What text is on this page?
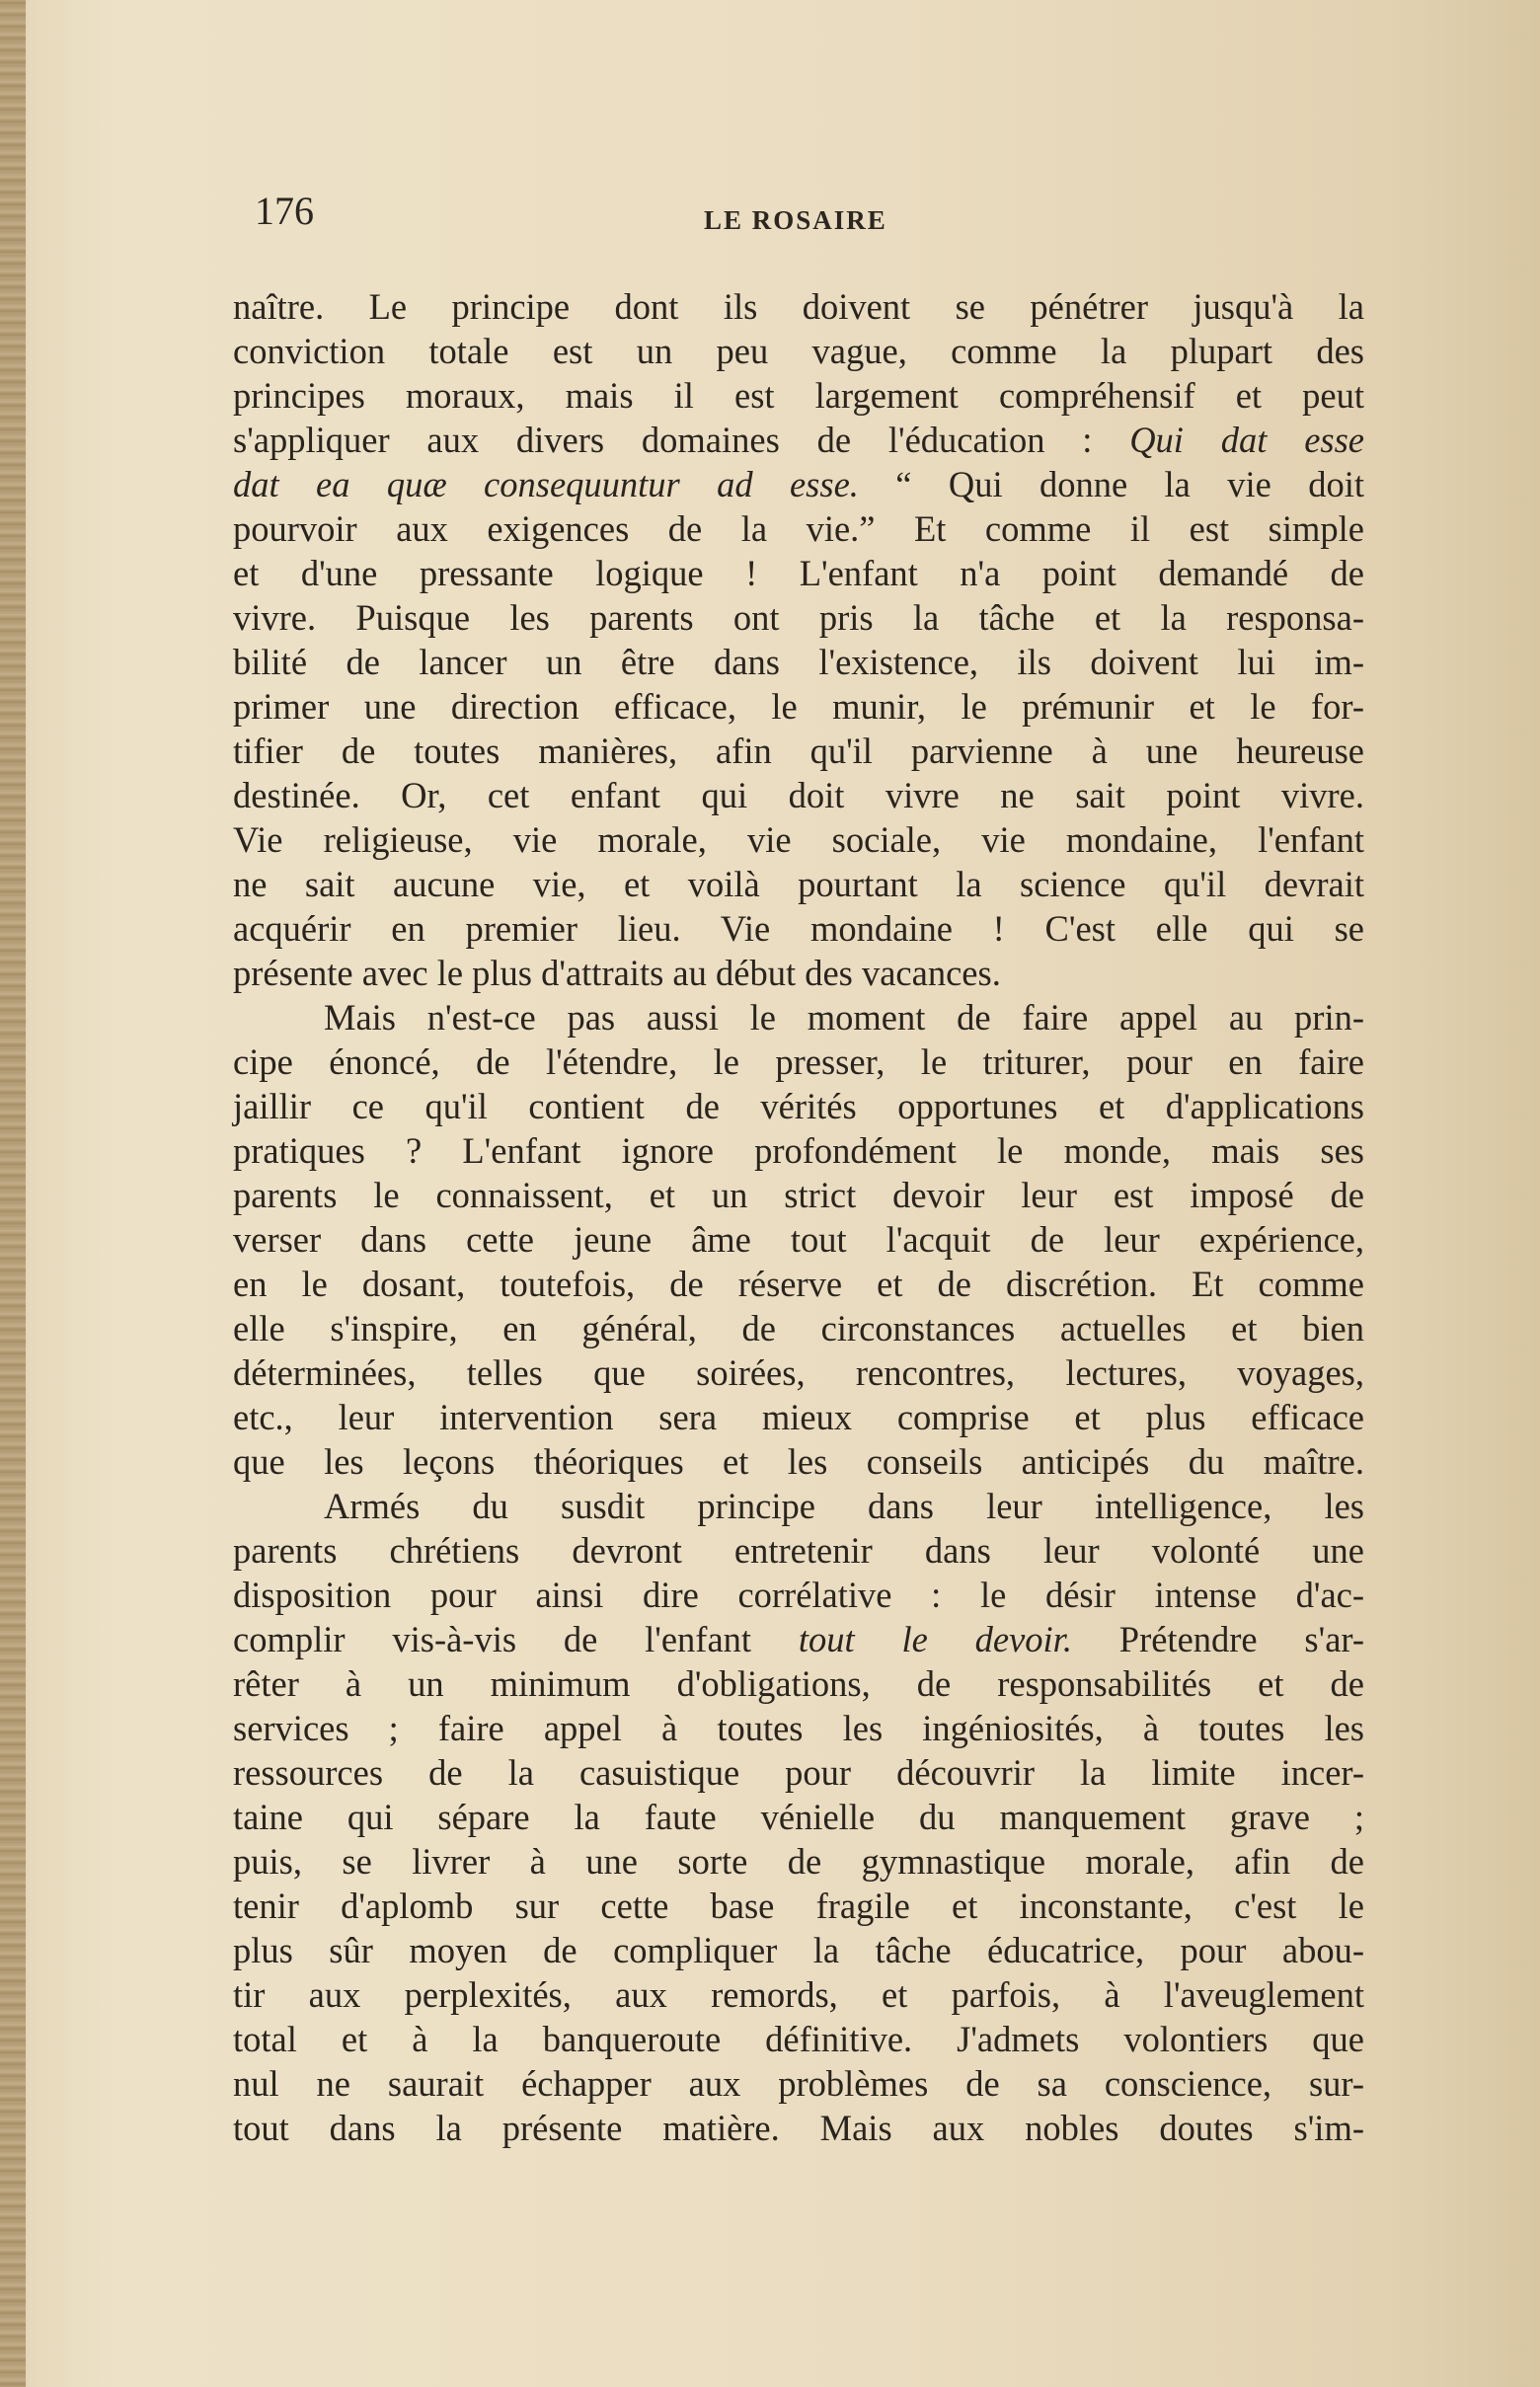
176	LE ROSAIRE
naître. Le principe dont ils doivent se pénétrer jusqu'à la
conviction totale est un peu vague, comme la plupart des
principes moraux, mais il est largement compréhensif et peut
s'appliquer aux divers domaines de l'éducation : Qui dat esse
dat ea quæ consequuntur ad esse. “ Qui donne la vie doit
pourvoir aux exigences de la vie.” Et comme il est simple
et d'une pressante logique ! L'enfant n'a point demandé de
vivre. Puisque les parents ont pris la tâche et la responsa-
bilité de lancer un être dans l'existence, ils doivent lui im-
primer une direction efficace, le munir, le prémunir et le for-
tifier de toutes manières, afin qu'il parvienne à une heureuse
destinée. Or, cet enfant qui doit vivre ne sait point vivre.
Vie religieuse, vie morale, vie sociale, vie mondaine, l'enfant
ne sait aucune vie, et voilà pourtant la science qu'il devrait
acquérir en premier lieu. Vie mondaine ! C'est elle qui se
présente avec le plus d'attraits au début des vacances.
Mais n'est-ce pas aussi le moment de faire appel au prin-
cipe énoncé, de l'étendre, le presser, le triturer, pour en faire
jaillir ce qu'il contient de vérités opportunes et d'applications
pratiques ? L'enfant ignore profondément le monde, mais ses
parents le connaissent, et un strict devoir leur est imposé de
verser dans cette jeune âme tout l'acquit de leur expérience,
en le dosant, toutefois, de réserve et de discrétion. Et comme
elle s'inspire, en général, de circonstances actuelles et bien
déterminées, telles que soirées, rencontres, lectures, voyages,
etc., leur intervention sera mieux comprise et plus efficace
que les leçons théoriques et les conseils anticipés du maître.
Armés du susdit principe dans leur intelligence, les
parents chrétiens devront entretenir dans leur volonté une
disposition pour ainsi dire corrélative : le désir intense d'ac-
complir vis-à-vis de l'enfant tout le devoir. Prétendre s'ar-
rêter à un minimum d'obligations, de responsabilités et de
services ; faire appel à toutes les ingéniosités, à toutes les
ressources de la casuistique pour découvrir la limite incer-
taine qui sépare la faute vénielle du manquement grave ;
puis, se livrer à une sorte de gymnastique morale, afin de
tenir d'aplomb sur cette base fragile et inconstante, c'est le
plus sûr moyen de compliquer la tâche éducatrice, pour abou-
tir aux perplexités, aux remords, et parfois, à l'aveuglement
total et à la banqueroute définitive. J'admets volontiers que
nul ne saurait échapper aux problèmes de sa conscience, sur-
tout dans la présente matière. Mais aux nobles doutes s'im-
